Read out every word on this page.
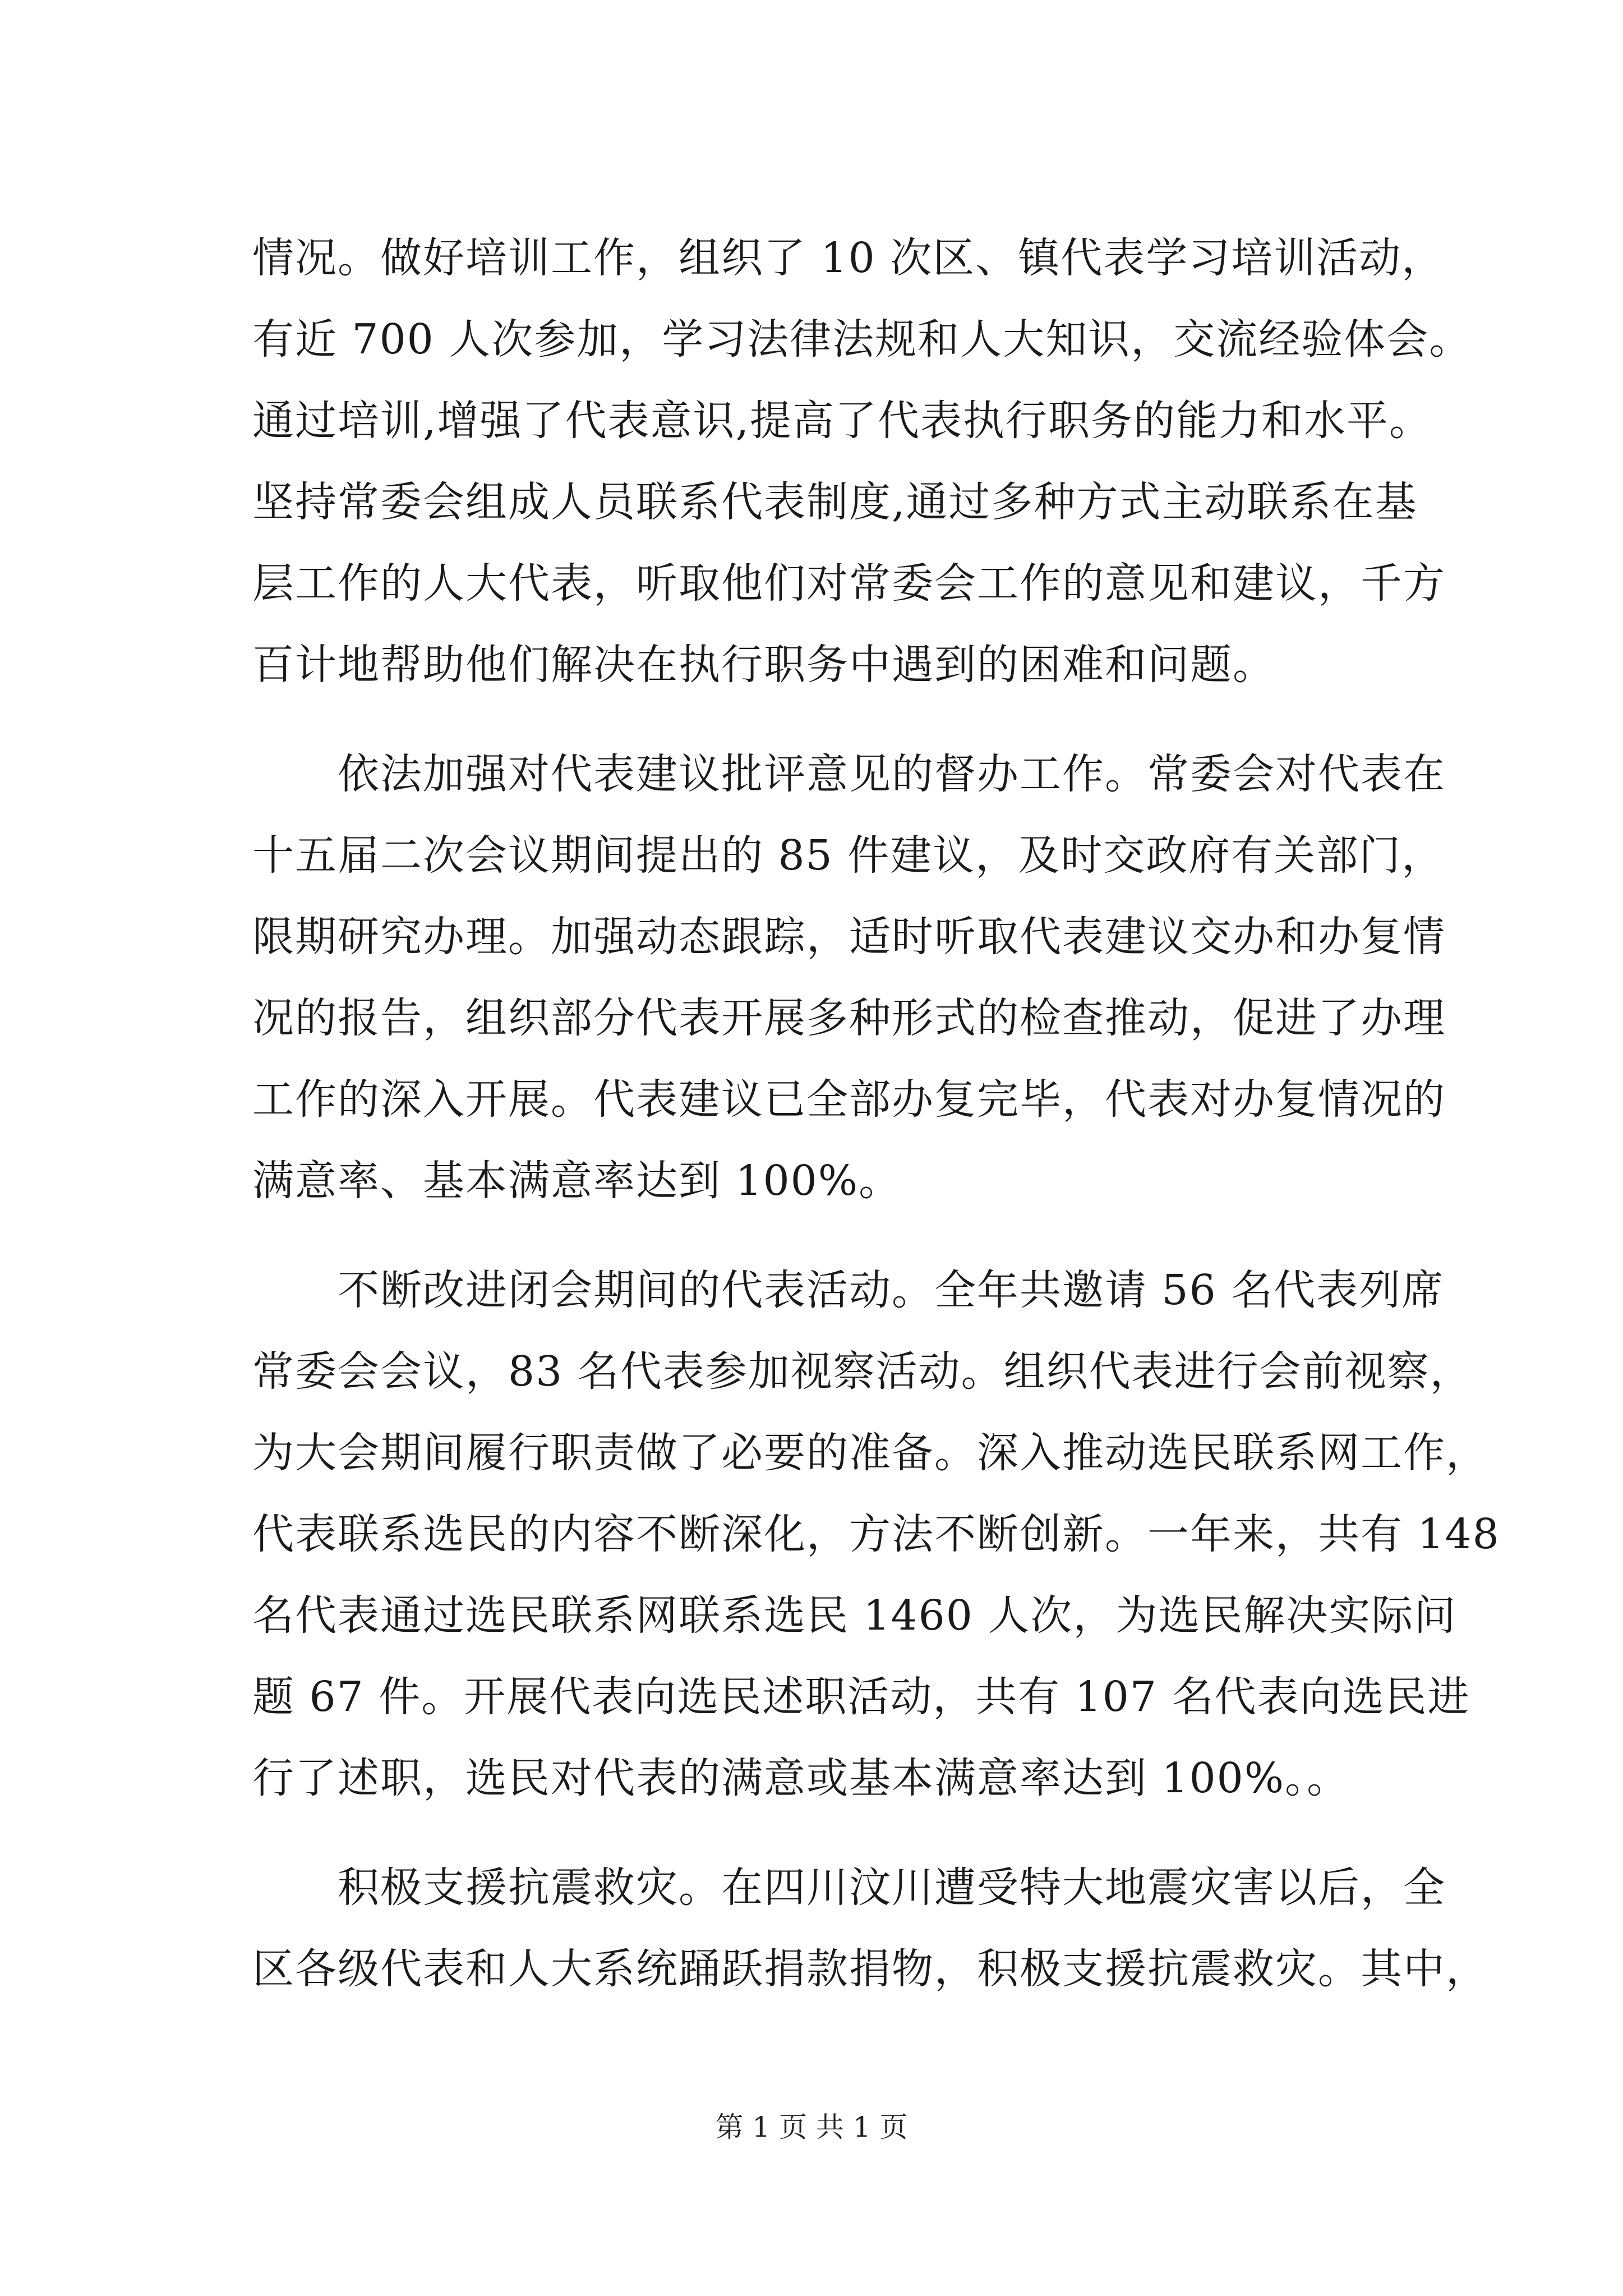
情况。做好培训工作，组织了 10 次区、镇代表学习培训活动，
有近 700 人次参加，学习法律法规和人大知识，交流经验体会。
通过培训,增强了代表意识,提高了代表执行职务的能力和水平。
坚持常委会组成人员联系代表制度,通过多种方式主动联系在基
层工作的人大代表，听取他们对常委会工作的意见和建议，千方
百计地帮助他们解决在执行职务中遇到的困难和问题。
　　依法加强对代表建议批评意见的督办工作。常委会对代表在
十五届二次会议期间提出的 85 件建议，及时交政府有关部门，
限期研究办理。加强动态跟踪，适时听取代表建议交办和办复情
况的报告，组织部分代表开展多种形式的检查推动，促进了办理
工作的深入开展。代表建议已全部办复完毕，代表对办复情况的
满意率、基本满意率达到 100%。
　　不断改进闭会期间的代表活动。全年共邀请 56 名代表列席
常委会会议，83 名代表参加视察活动。组织代表进行会前视察，
为大会期间履行职责做了必要的准备。深入推动选民联系网工作，
代表联系选民的内容不断深化，方法不断创新。一年来，共有 148
名代表通过选民联系网联系选民 1460 人次，为选民解决实际问
题 67 件。开展代表向选民述职活动，共有 107 名代表向选民进
行了述职，选民对代表的满意或基本满意率达到 100%。。
　　积极支援抗震救灾。在四川汶川遭受特大地震灾害以后，全
区各级代表和人大系统踊跃捐款捐物，积极支援抗震救灾。其中，
第 1 页 共 1 页
